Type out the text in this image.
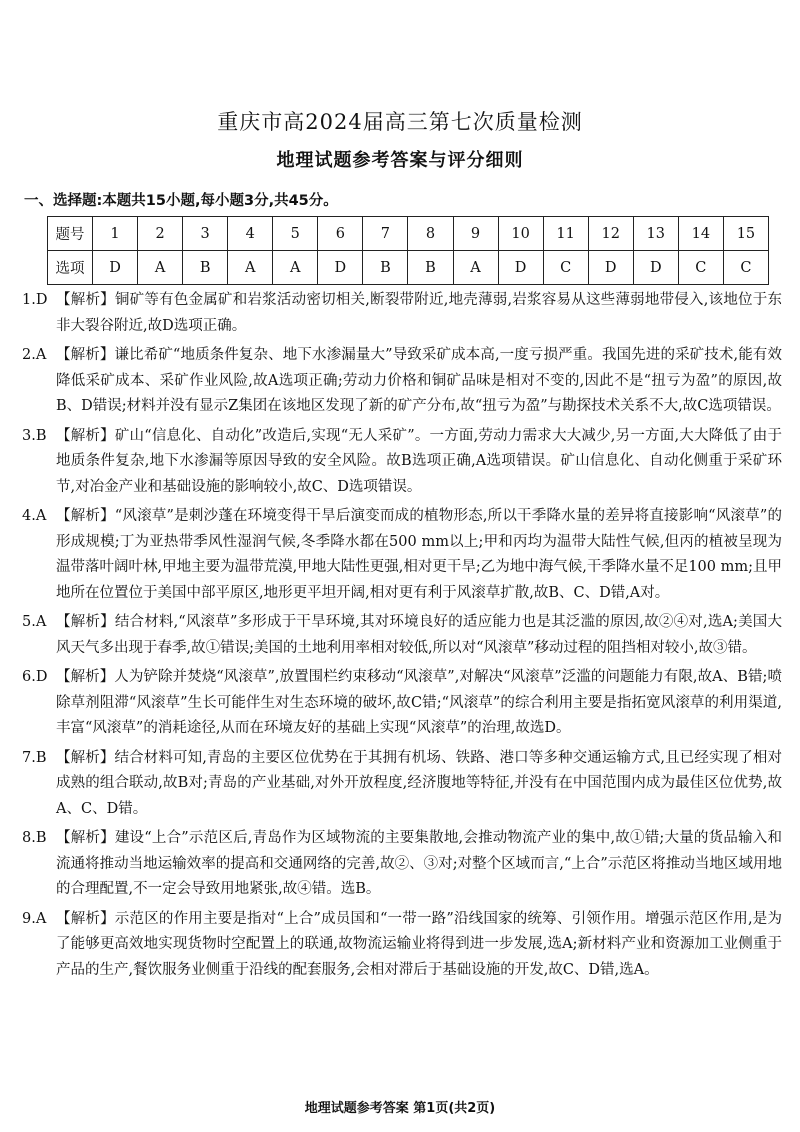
重庆市高2024届高三第七次质量检测
地理试题参考答案与评分细则
一、选择题:本题共15小题,每小题3分,共45分。
题号	1	2	3	4	5	6	7	8	9	10	11	12	13	14	15
选项	D	A	B	A	A	D	B	B	A	D	C	D	D	C	C
1.D 【解析】铜矿等有色金属矿和岩浆活动密切相关,断裂带附近,地壳薄弱,岩浆容易从这些薄弱地带侵入,该地位于东非大裂谷附近,故D选项正确。
2.A 【解析】谦比希矿“地质条件复杂、地下水渗漏量大”导致采矿成本高,一度亏损严重。我国先进的采矿技术,能有效降低采矿成本、采矿作业风险,故A选项正确;劳动力价格和铜矿品味是相对不变的,因此不是“扭亏为盈”的原因,故B、D错误;材料并没有显示Z集团在该地区发现了新的矿产分布,故“扭亏为盈”与勘探技术关系不大,故C选项错误。
3.B 【解析】矿山“信息化、自动化”改造后,实现“无人采矿”。一方面,劳动力需求大大减少,另一方面,大大降低了由于地质条件复杂,地下水渗漏等原因导致的安全风险。故B选项正确,A选项错误。矿山信息化、自动化侧重于采矿环节,对冶金产业和基础设施的影响较小,故C、D选项错误。
4.A 【解析】“风滚草”是刺沙蓬在环境变得干旱后演变而成的植物形态,所以干季降水量的差异将直接影响“风滚草”的形成规模;丁为亚热带季风性湿润气候,冬季降水都在500 mm以上;甲和丙均为温带大陆性气候,但丙的植被呈现为温带落叶阔叶林,甲地主要为温带荒漠,甲地大陆性更强,相对更干旱;乙为地中海气候,干季降水量不足100 mm;且甲地所在位置位于美国中部平原区,地形更平坦开阔,相对更有利于风滚草扩散,故B、C、D错,A对。
5.A 【解析】结合材料,“风滚草”多形成于干旱环境,其对环境良好的适应能力也是其泛滥的原因,故②④对,选A;美国大风天气多出现于春季,故①错误;美国的土地利用率相对较低,所以对“风滚草”移动过程的阻挡相对较小,故③错。
6.D 【解析】人为铲除并焚烧“风滚草”,放置围栏约束移动“风滚草”,对解决“风滚草”泛滥的问题能力有限,故A、B错;喷除草剂阻滞“风滚草”生长可能伴生对生态环境的破坏,故C错;“风滚草”的综合利用主要是指拓宽风滚草的利用渠道,丰富“风滚草”的消耗途径,从而在环境友好的基础上实现“风滚草”的治理,故选D。
7.B 【解析】结合材料可知,青岛的主要区位优势在于其拥有机场、铁路、港口等多种交通运输方式,且已经实现了相对成熟的组合联动,故B对;青岛的产业基础,对外开放程度,经济腹地等特征,并没有在中国范围内成为最佳区位优势,故A、C、D错。
8.B 【解析】建设“上合”示范区后,青岛作为区域物流的主要集散地,会推动物流产业的集中,故①错;大量的货品输入和流通将推动当地运输效率的提高和交通网络的完善,故②、③对;对整个区域而言,“上合”示范区将推动当地区域用地的合理配置,不一定会导致用地紧张,故④错。选B。
9.A 【解析】示范区的作用主要是指对“上合”成员国和“一带一路”沿线国家的统筹、引领作用。增强示范区作用,是为了能够更高效地实现货物时空配置上的联通,故物流运输业将得到进一步发展,选A;新材料产业和资源加工业侧重于产品的生产,餐饮服务业侧重于沿线的配套服务,会相对滞后于基础设施的开发,故C、D错,选A。
地理试题参考答案 第1页(共2页)
